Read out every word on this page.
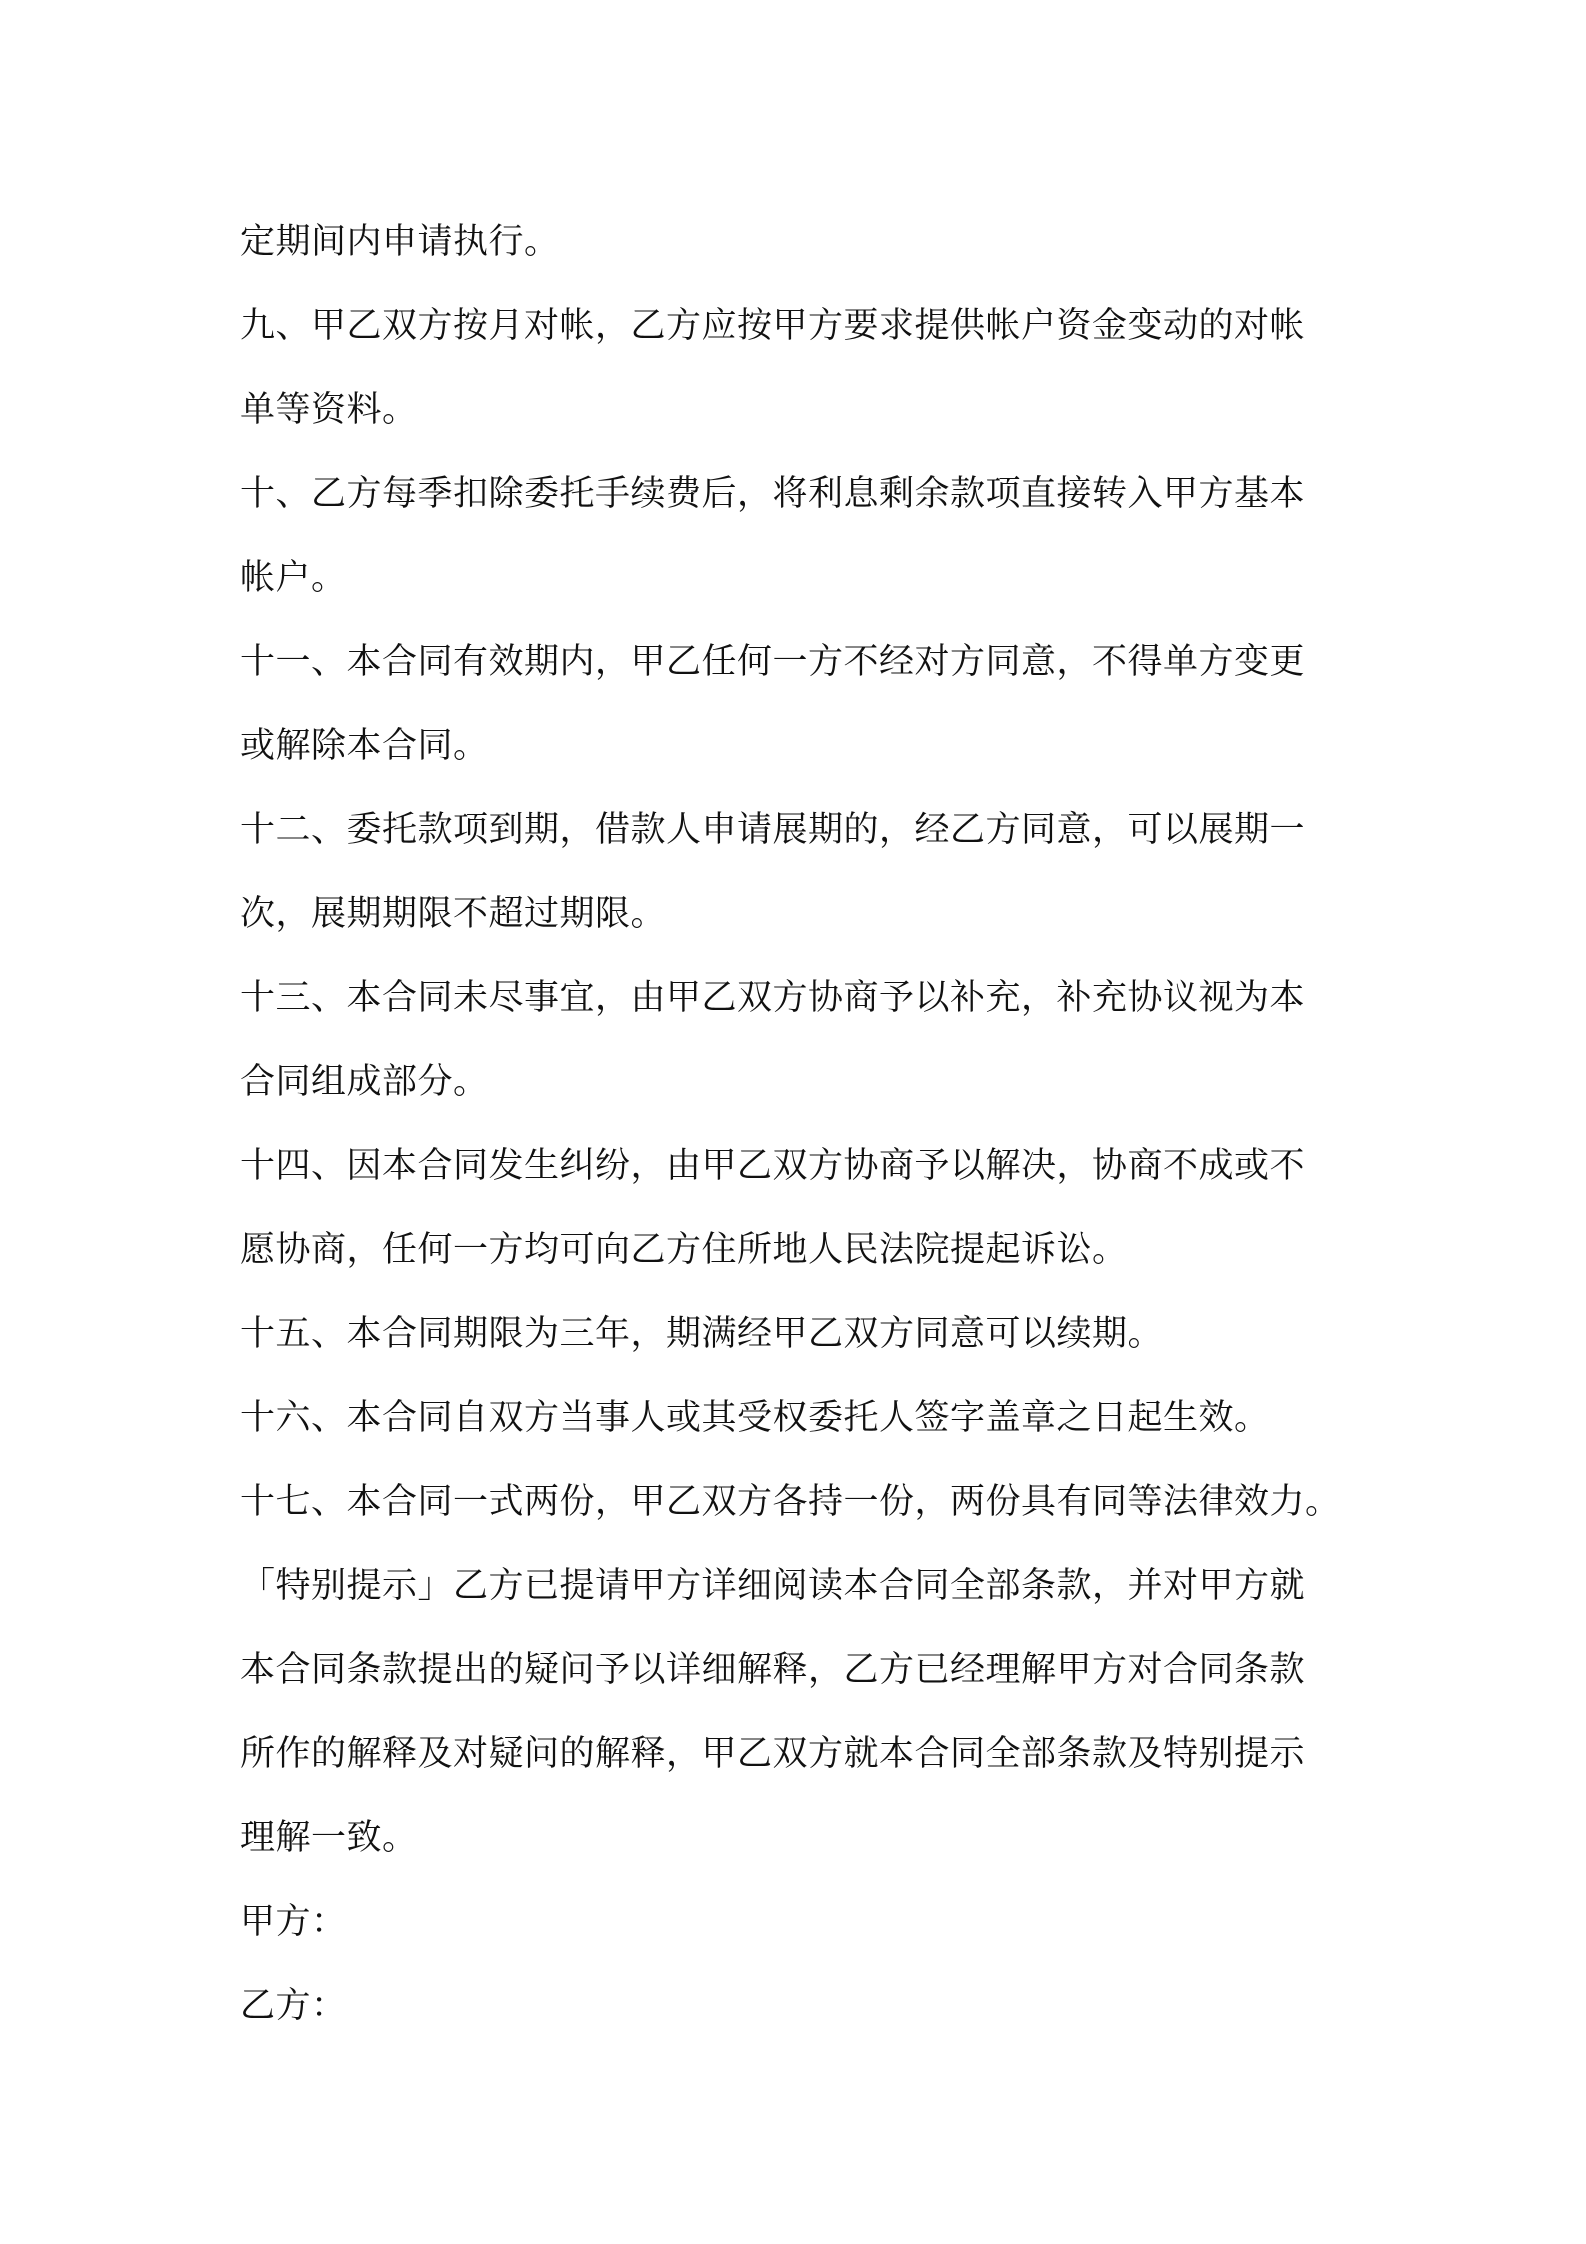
定期间内申请执行。
九、甲乙双方按月对帐，乙方应按甲方要求提供帐户资金变动的对帐
单等资料。
十、乙方每季扣除委托手续费后，将利息剩余款项直接转入甲方基本
帐户。
十一、本合同有效期内，甲乙任何一方不经对方同意，不得单方变更
或解除本合同。
十二、委托款项到期，借款人申请展期的，经乙方同意，可以展期一
次，展期期限不超过期限。
十三、本合同未尽事宜，由甲乙双方协商予以补充，补充协议视为本
合同组成部分。
十四、因本合同发生纠纷，由甲乙双方协商予以解决，协商不成或不
愿协商，任何一方均可向乙方住所地人民法院提起诉讼。
十五、本合同期限为三年，期满经甲乙双方同意可以续期。
十六、本合同自双方当事人或其受权委托人签字盖章之日起生效。
十七、本合同一式两份，甲乙双方各持一份，两份具有同等法律效力。
「特别提示」乙方已提请甲方详细阅读本合同全部条款，并对甲方就
本合同条款提出的疑问予以详细解释，乙方已经理解甲方对合同条款
所作的解释及对疑问的解释，甲乙双方就本合同全部条款及特别提示
理解一致。
甲方：
乙方：
